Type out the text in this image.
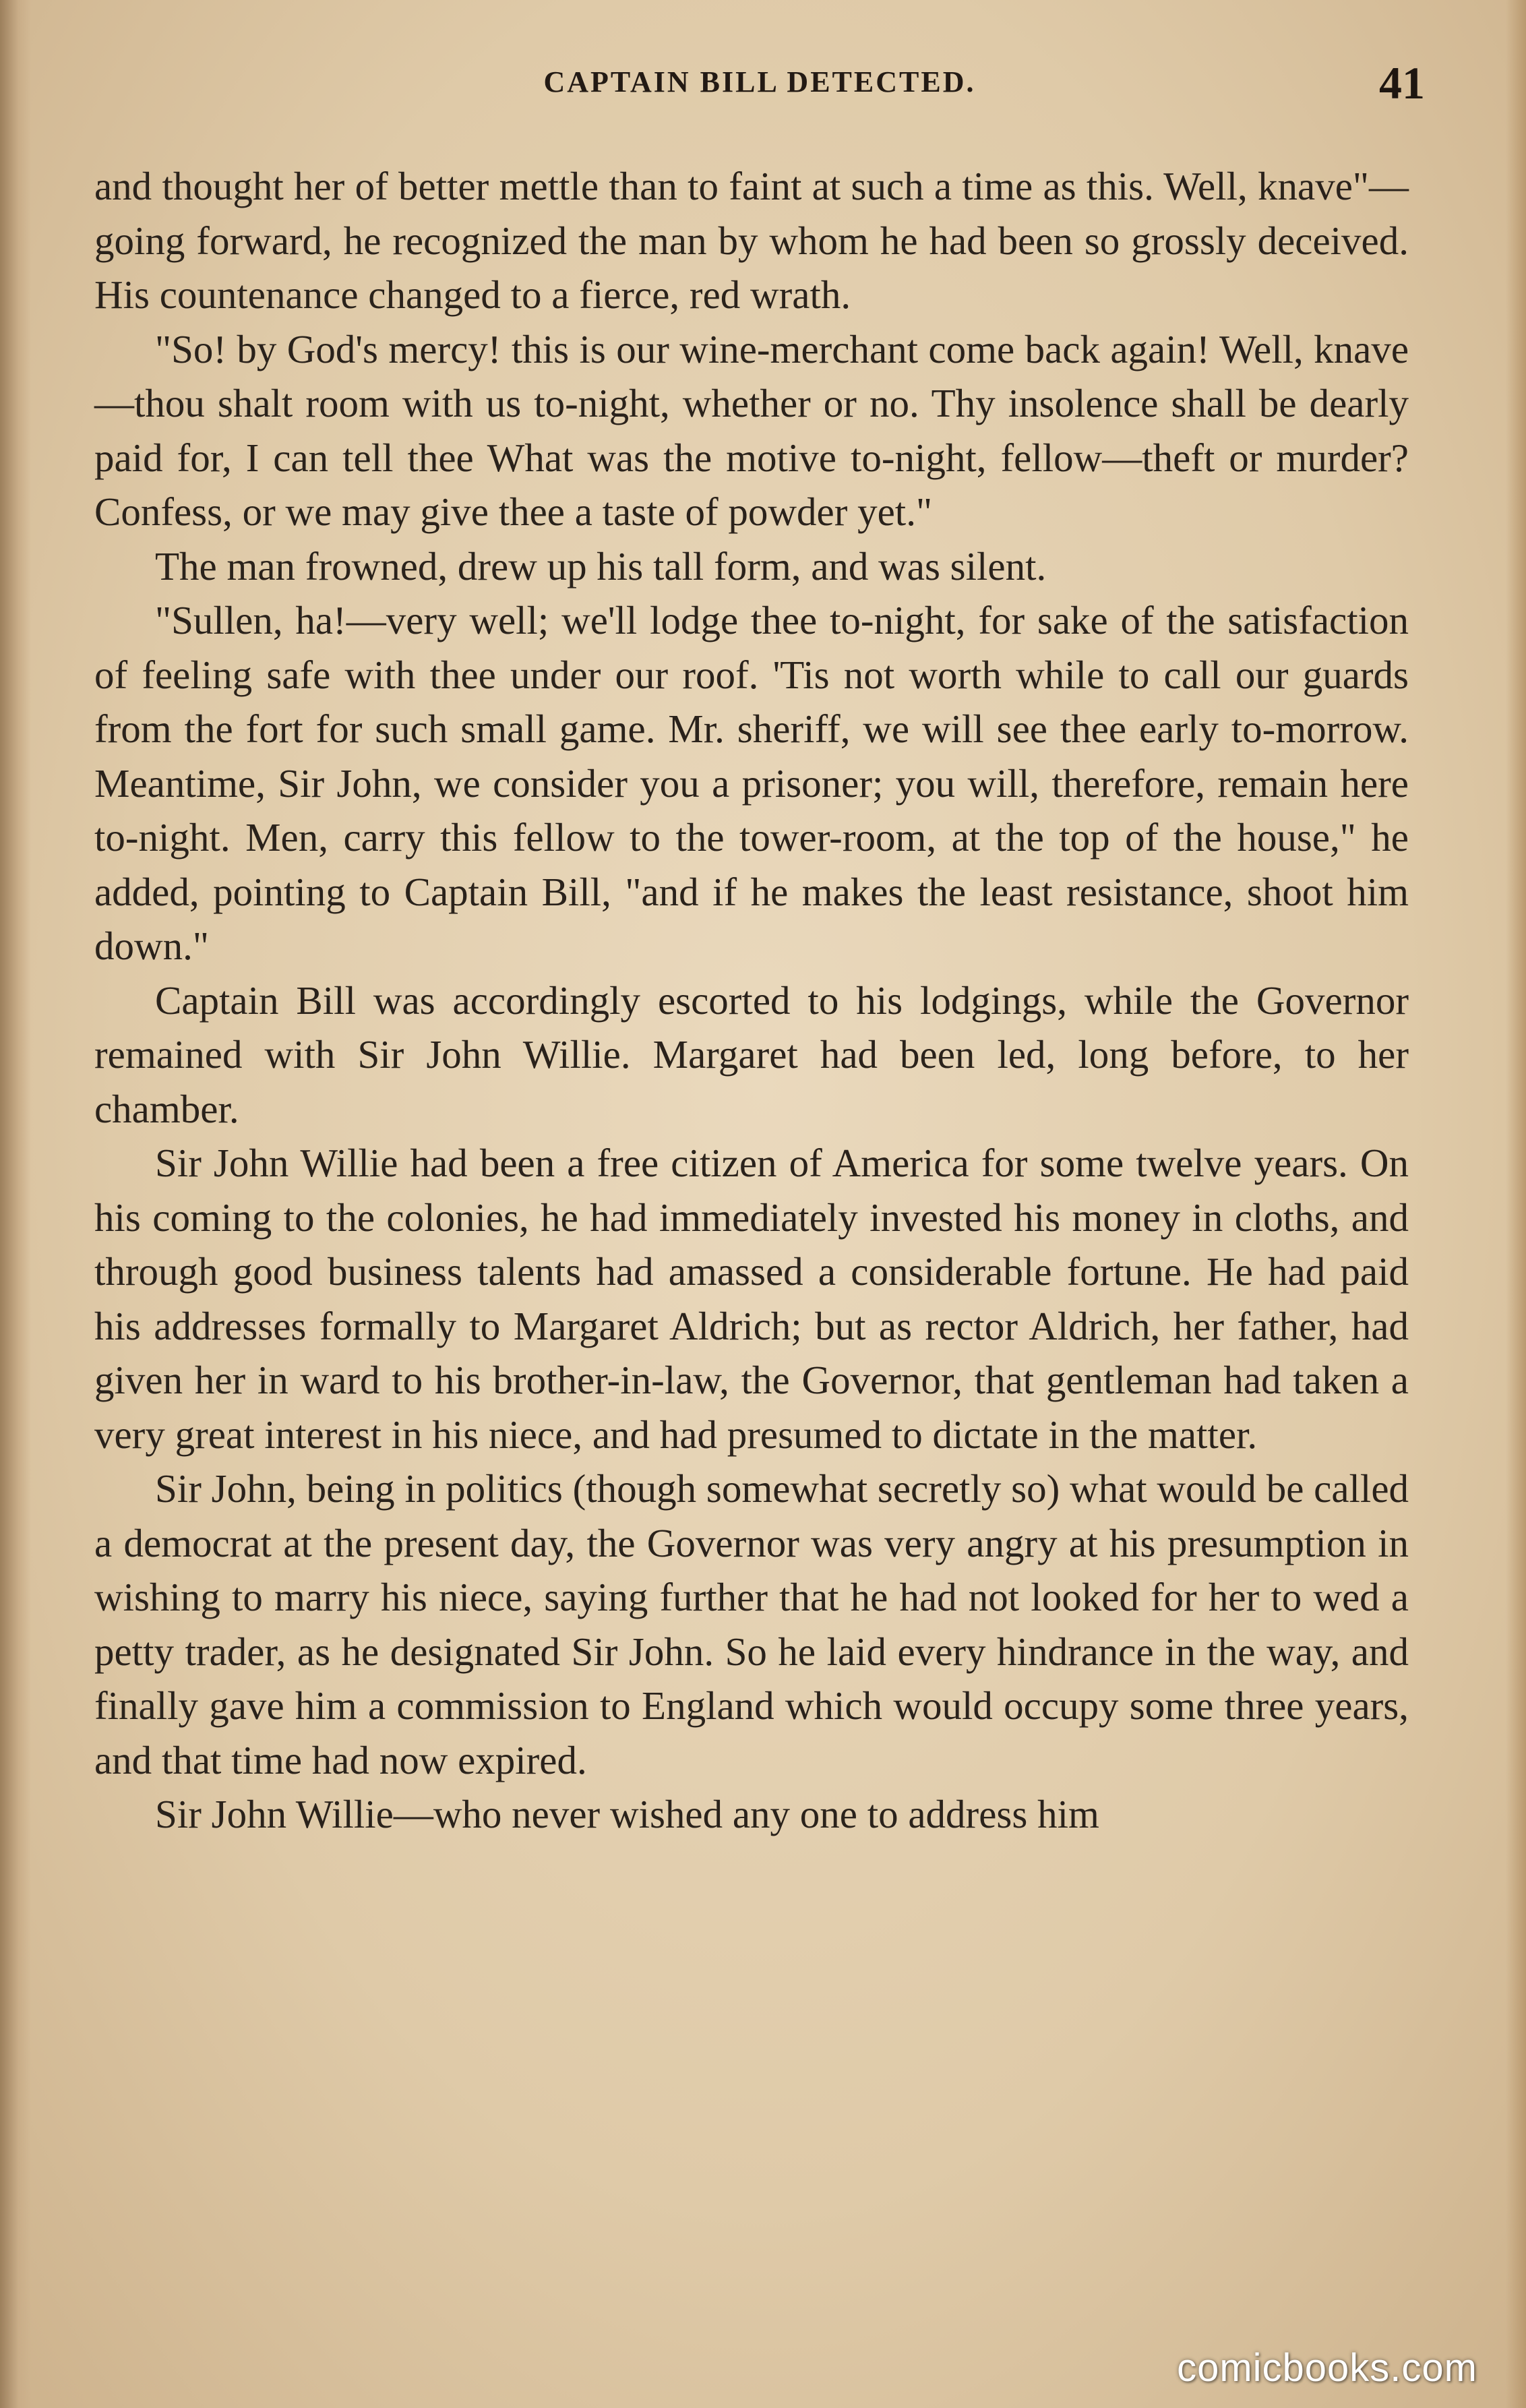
CAPTAIN BILL DETECTED.	41

and thought her of better mettle than to faint at such a time as this. Well, knave"—going forward, he recognized the man by whom he had been so grossly deceived. His countenance changed to a fierce, red wrath.

"So! by God's mercy! this is our wine-merchant come back again! Well, knave—thou shalt room with us to-night, whether or no. Thy insolence shall be dearly paid for, I can tell thee What was the motive to-night, fellow—theft or murder? Confess, or we may give thee a taste of powder yet."

The man frowned, drew up his tall form, and was silent.

"Sullen, ha!—very well; we'll lodge thee to-night, for sake of the satisfaction of feeling safe with thee under our roof. 'Tis not worth while to call our guards from the fort for such small game. Mr. sheriff, we will see thee early to-morrow. Meantime, Sir John, we consider you a prisoner; you will, therefore, remain here to-night. Men, carry this fellow to the tower-room, at the top of the house," he added, pointing to Captain Bill, "and if he makes the least resistance, shoot him down."

Captain Bill was accordingly escorted to his lodgings, while the Governor remained with Sir John Willie. Margaret had been led, long before, to her chamber.

Sir John Willie had been a free citizen of America for some twelve years. On his coming to the colonies, he had immediately invested his money in cloths, and through good business talents had amassed a considerable fortune. He had paid his addresses formally to Margaret Aldrich; but as rector Aldrich, her father, had given her in ward to his brother-in-law, the Governor, that gentleman had taken a very great interest in his niece, and had presumed to dictate in the matter.

Sir John, being in politics (though somewhat secretly so) what would be called a democrat at the present day, the Governor was very angry at his presumption in wishing to marry his niece, saying further that he had not looked for her to wed a petty trader, as he designated Sir John. So he laid every hindrance in the way, and finally gave him a commission to England which would occupy some three years, and that time had now expired.

Sir John Willie—who never wished any one to address him

comicbooks.com
